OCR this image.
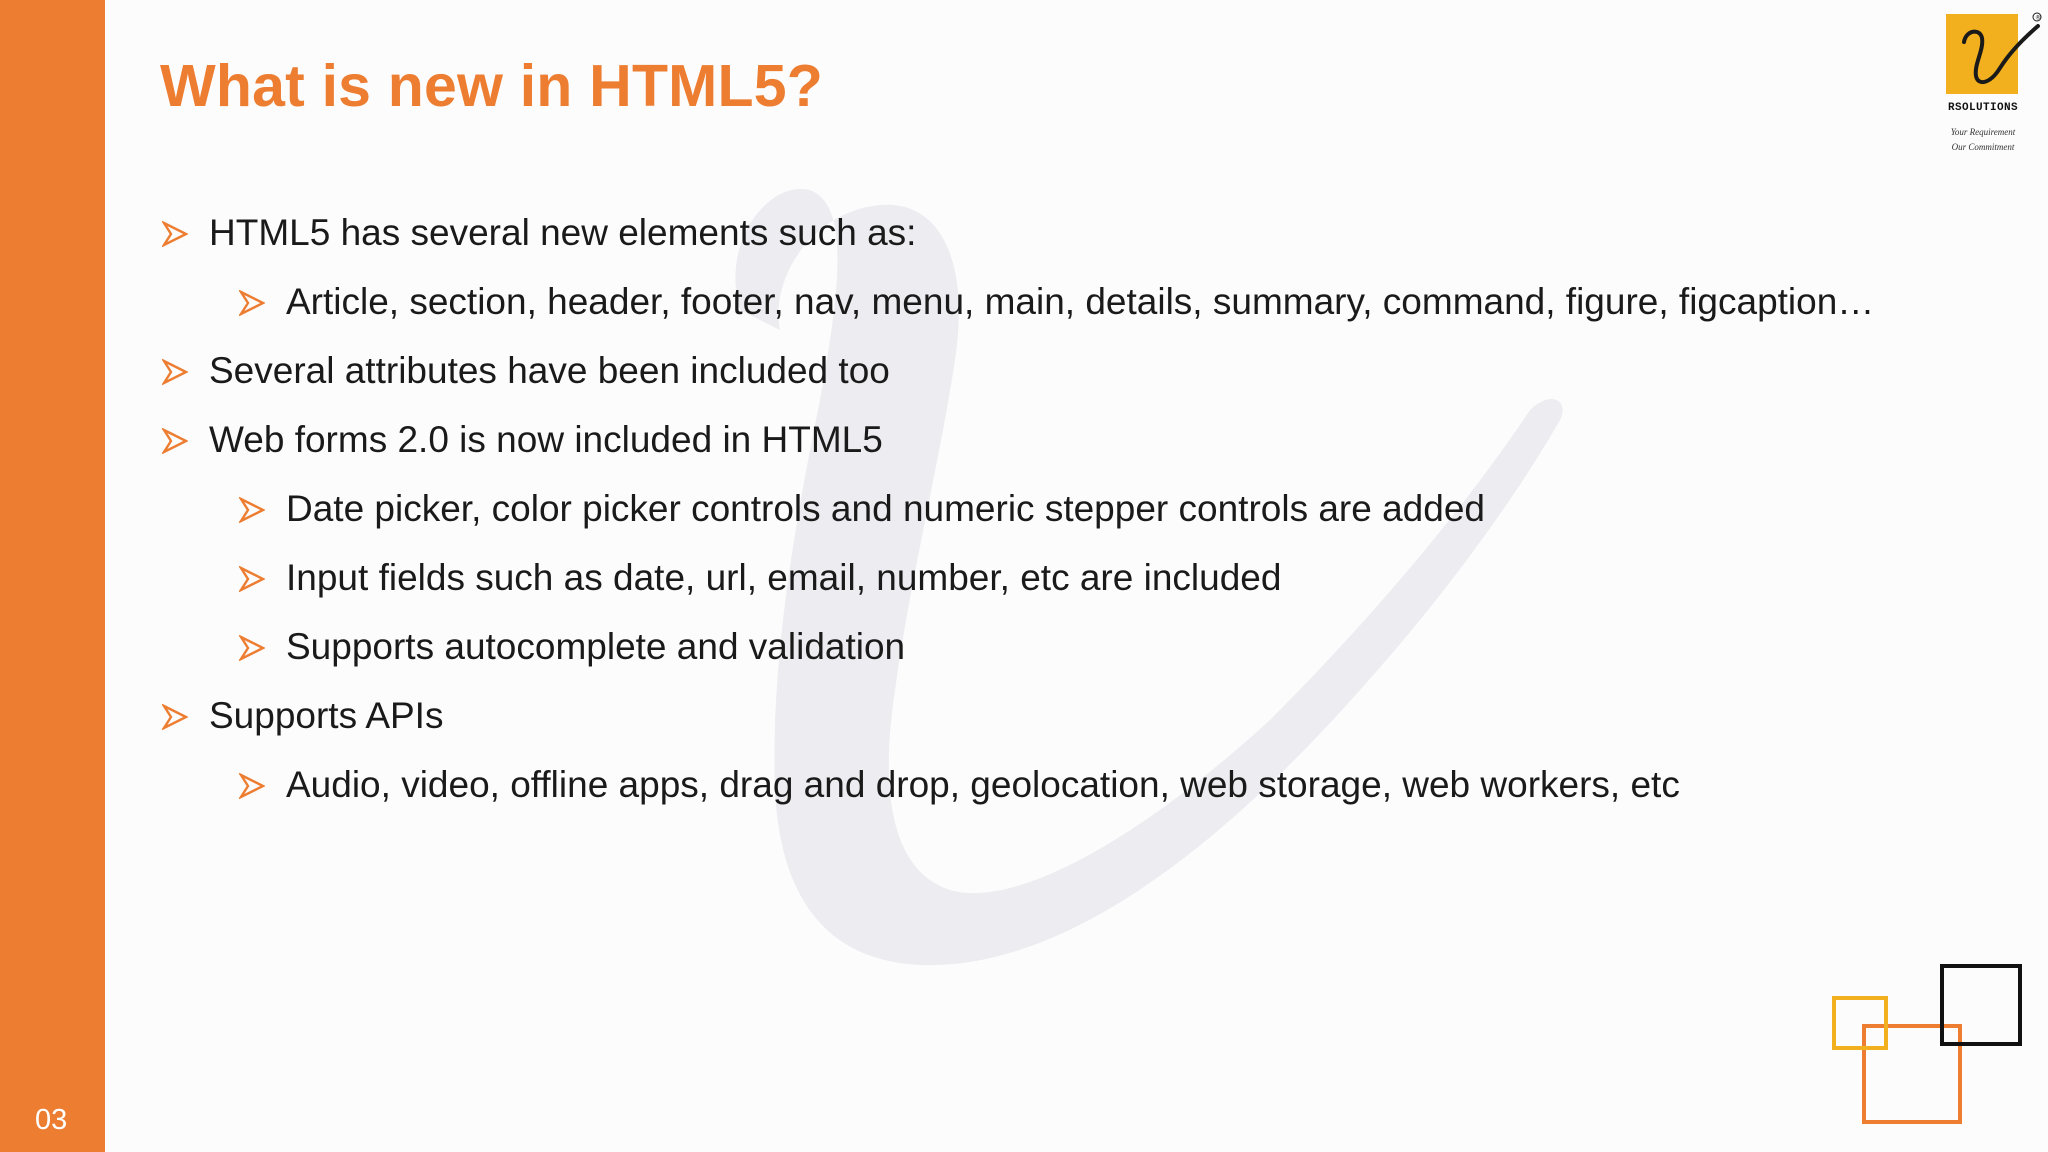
03
What is new in HTML5?
HTML5 has several new elements such as:
Article, section, header, footer, nav, menu, main, details, summary, command, figure, figcaption…
Several attributes have been included too
Web forms 2.0 is now included in HTML5
Date picker, color picker controls and numeric stepper controls are added
Input fields such as date, url, email, number, etc are included
Supports autocomplete and validation
Supports APIs
Audio, video, offline apps, drag and drop, geolocation, web storage, web workers, etc
®
RSOLUTIONS
Your Requirement
Our Commitment
